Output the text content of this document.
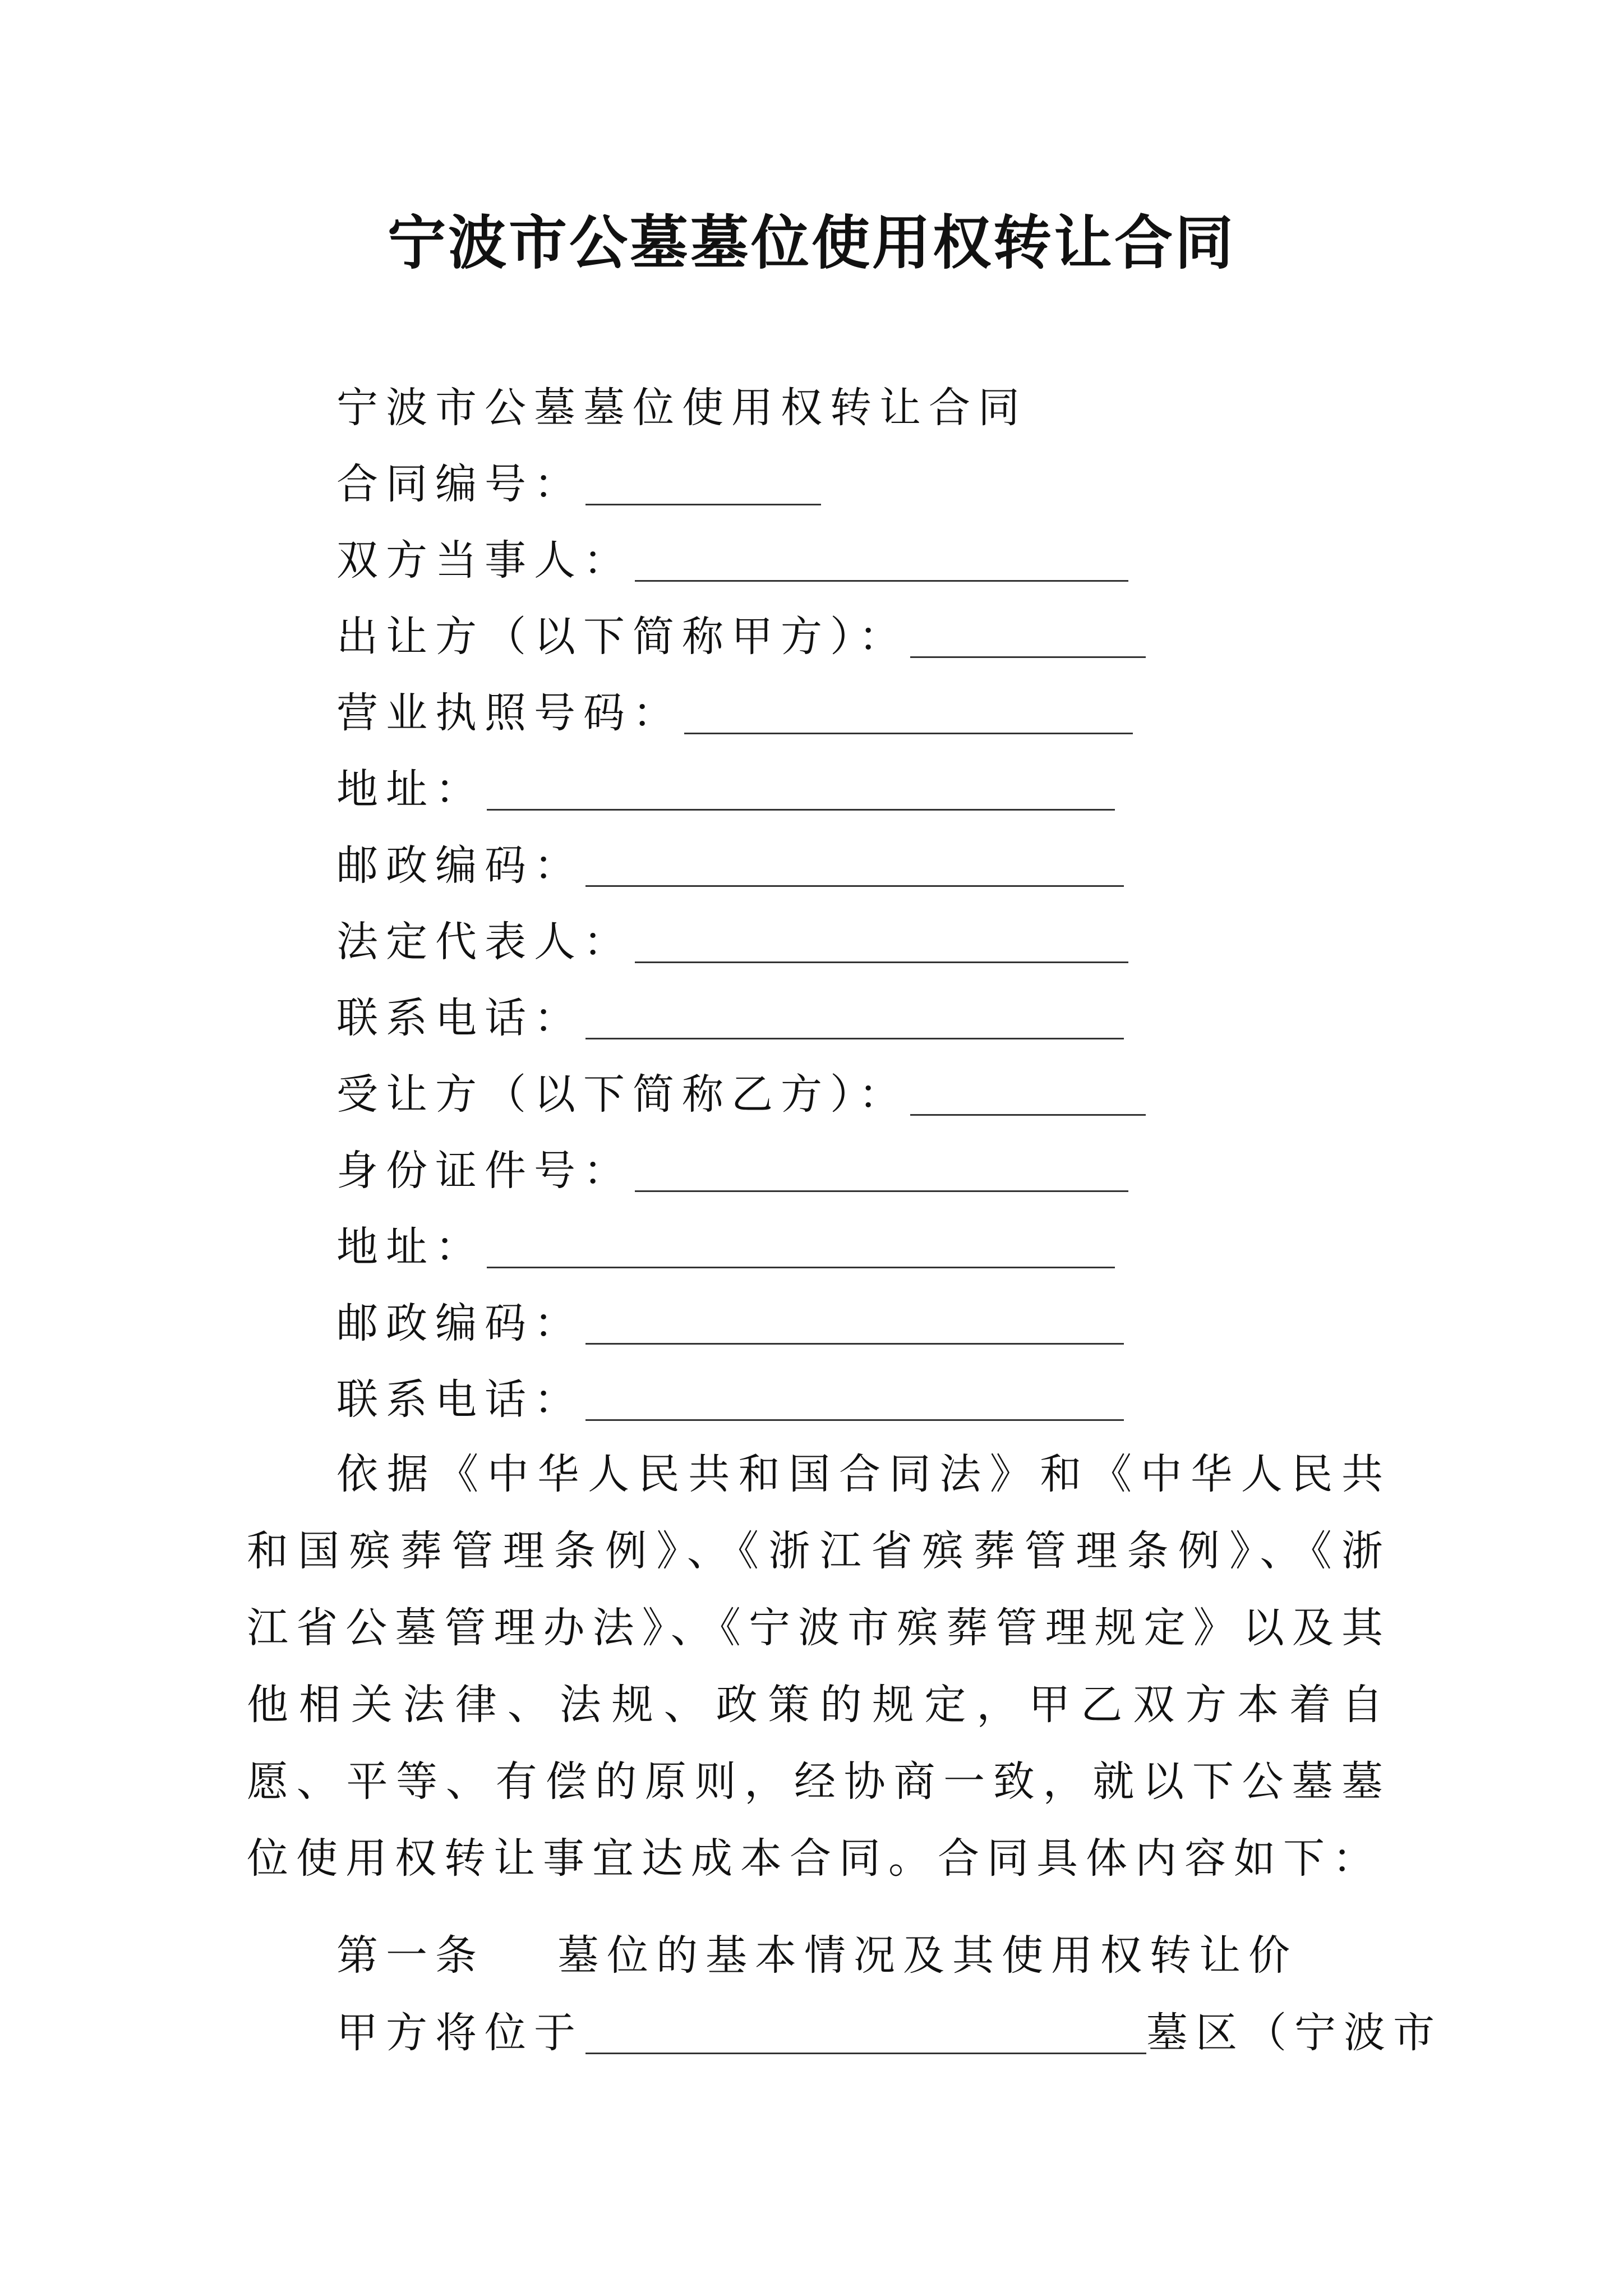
宁波市公墓墓位使用权转让合同
宁波市公墓墓位使用权转让合同
合同编号：
双方当事人：
出让方（以下简称甲方）：
营业执照号码：
地址：
邮政编码：
法定代表人：
联系电话：
受让方（以下简称乙方）：
身份证件号：
地址：
邮政编码：
联系电话：
依据《中华人民共和国合同法》和《中华人民共和国殡葬管理条例》、《浙江省殡葬管理条例》、《浙江省公墓管理办法》、《宁波市殡葬管理规定》以及其他相关法律、法规、政策的规定，甲乙双方本着自愿、平等、有偿的原则，经协商一致，就以下公墓墓位使用权转让事宜达成本合同。合同具体内容如下：
第一条 墓位的基本情况及其使用权转让价
甲方将位于	墓区（宁波市
